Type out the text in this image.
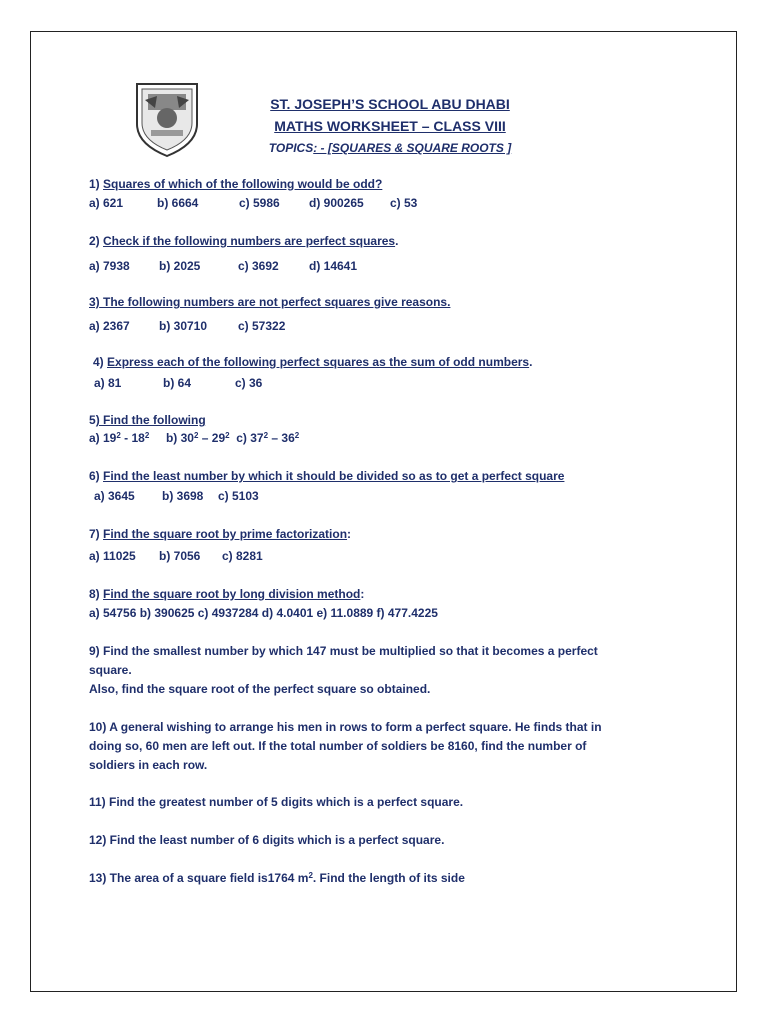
ST. JOSEPH’S SCHOOL ABU DHABI
MATHS WORKSHEET – CLASS VIII
TOPICS: - [SQUARES & SQUARE ROOTS ]
1) Squares of which of the following would be odd?
a) 621	b) 6664	c) 5986 d) 900265 c) 53
2) Check if the following numbers are perfect squares.
a) 7938 b) 2025	c) 3692	d) 14641
3) The following numbers are not perfect squares give reasons.
a) 2367 b) 30710	c) 57322
4) Express each of the following perfect squares as the sum of odd numbers.
a) 81	b) 64	c) 36
5) Find the following
a) $19^2 - 18^2$ b) $30^2 - 29^2$ c) $37^2 - 36^2$
6) Find the least number by which it should be divided so as to get a perfect square
a) 3645 b) 3698 c) 5103
7) Find the square root by prime factorization:
a) 11025 b) 7056 c) 8281
8) Find the square root by long division method:
a) 54756 b) 390625 c) 4937284 d) 4.0401 e) 11.0889 f) 477.4225
9) Find the smallest number by which 147 must be multiplied so that it becomes a perfect
square.
Also, find the square root of the perfect square so obtained.
10) A general wishing to arrange his men in rows to form a perfect square. He finds that in
doing so, 60 men are left out. If the total number of soldiers be 8160, find the number of
soldiers in each row.
11) Find the greatest number of 5 digits which is a perfect square.
12) Find the least number of 6 digits which is a perfect square.
13) The area of a square field is1764 $m^2$. Find the length of its side
